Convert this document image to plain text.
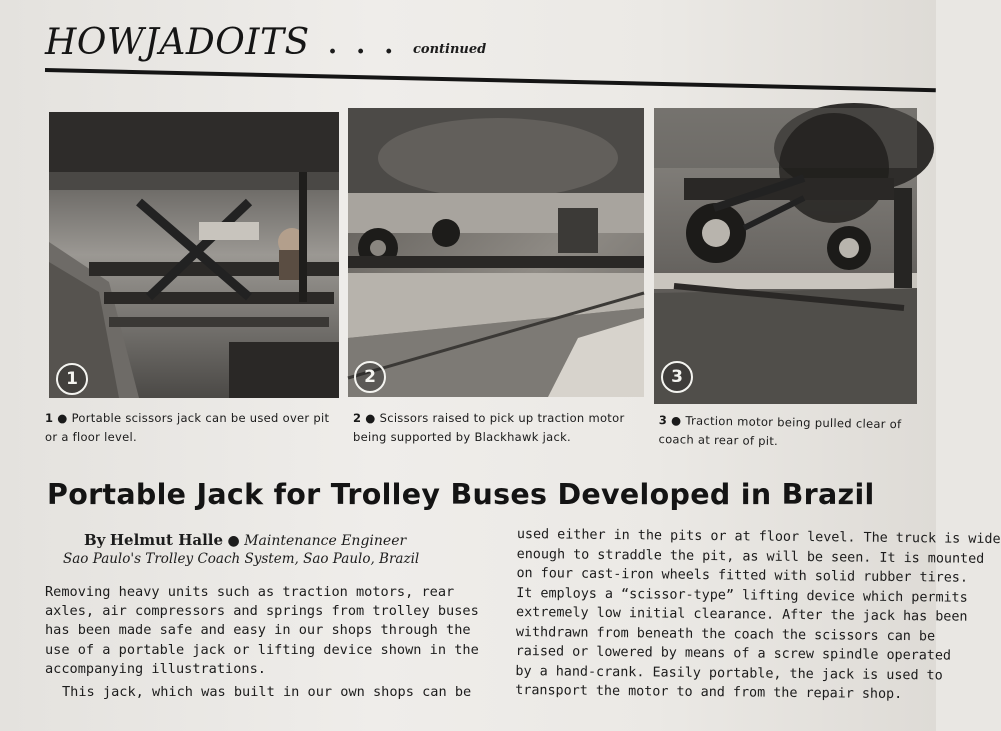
HOWJADOITS . . . continued
1	2	3
1 ● Portable scissors jack can be used over pit or a floor level.
2 ● Scissors raised to pick up traction motor being supported by Blackhawk jack.
3 ● Traction motor being pulled clear of coach at rear of pit.
Portable Jack for Trolley Buses Developed in Brazil
By Helmut Halle ● Maintenance Engineer
Sao Paulo's Trolley Coach System, Sao Paulo, Brazil

Removing heavy units such as traction motors, rear
axles, air compressors and springs from trolley buses
has been made safe and easy in our shops through the
use of a portable jack or lifting device shown in the
accompanying illustrations.

This jack, which was built in our own shops can be

used either in the pits or at floor level. The truck is wide
enough to straddle the pit, as will be seen. It is mounted
on four cast-iron wheels fitted with solid rubber tires.
It employs a “scissor-type” lifting device which permits
extremely low initial clearance. After the jack has been
withdrawn from beneath the coach the scissors can be
raised or lowered by means of a screw spindle operated
by a hand-crank. Easily portable, the jack is used to
transport the motor to and from the repair shop.
